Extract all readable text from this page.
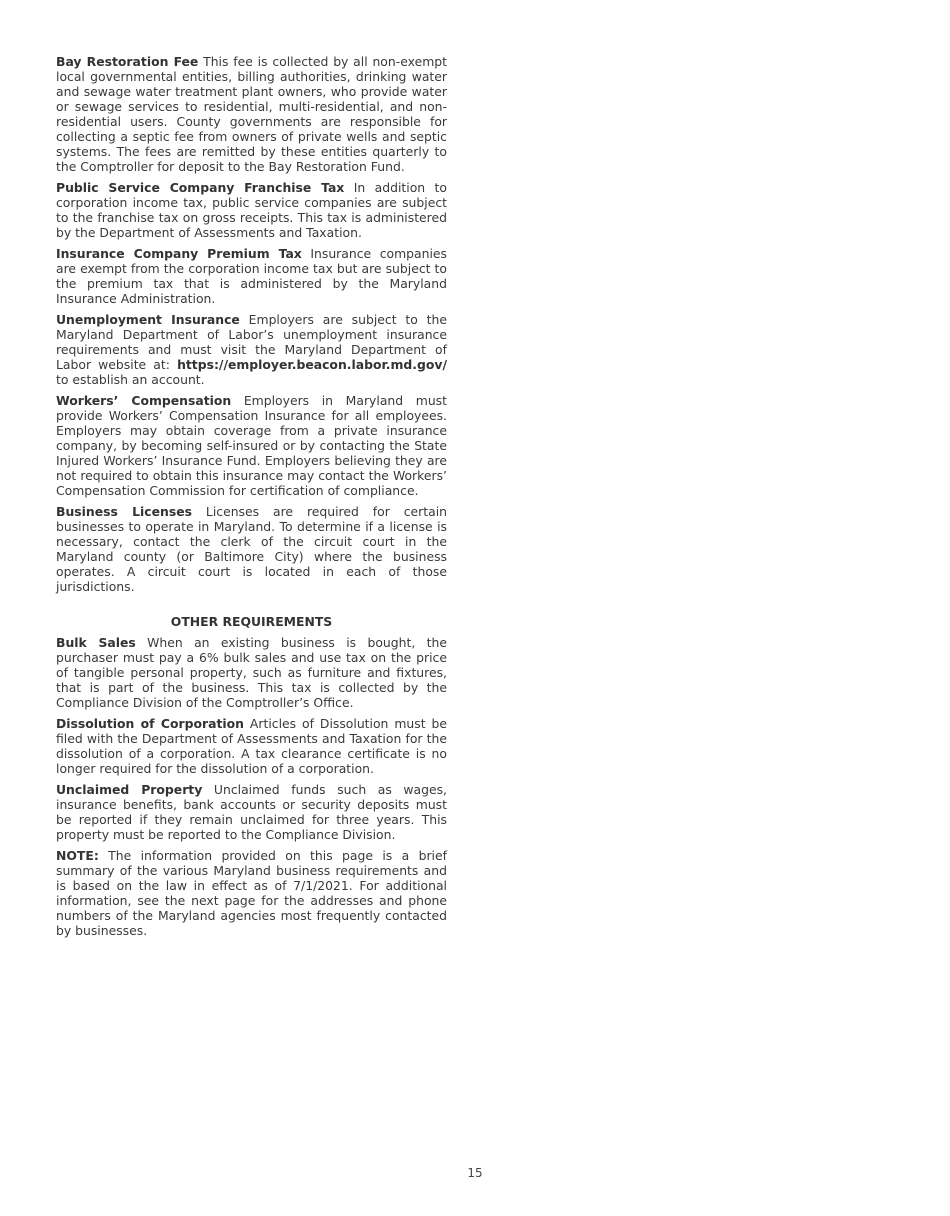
Bay Restoration Fee This fee is collected by all non-exempt local governmental entities, billing authorities, drinking water and sewage water treatment plant owners, who provide water or sewage services to residential, multi-residential, and non-residential users. County governments are responsible for collecting a septic fee from owners of private wells and septic systems. The fees are remitted by these entities quarterly to the Comptroller for deposit to the Bay Restoration Fund.

Public Service Company Franchise Tax In addition to corporation income tax, public service companies are subject to the franchise tax on gross receipts. This tax is administered by the Department of Assessments and Taxation.

Insurance Company Premium Tax Insurance companies are exempt from the corporation income tax but are subject to the premium tax that is administered by the Maryland Insurance Administration.

Unemployment Insurance Employers are subject to the Maryland Department of Labor’s unemployment insurance requirements and must visit the Maryland Department of Labor website at: https://employer.beacon.labor.md.gov/ to establish an account.

Workers’ Compensation Employers in Maryland must provide Workers’ Compensation Insurance for all employees. Employers may obtain coverage from a private insurance company, by becoming self-insured or by contacting the State Injured Workers’ Insurance Fund. Employers believing they are not required to obtain this insurance may contact the Workers’ Compensation Commission for certification of compliance.

Business Licenses Licenses are required for certain businesses to operate in Maryland. To determine if a license is necessary, contact the clerk of the circuit court in the Maryland county (or Baltimore City) where the business operates. A circuit court is located in each of those jurisdictions.

OTHER REQUIREMENTS

Bulk Sales When an existing business is bought, the purchaser must pay a 6% bulk sales and use tax on the price of tangible personal property, such as furniture and fixtures, that is part of the business. This tax is collected by the Compliance Division of the Comptroller’s Office.

Dissolution of Corporation Articles of Dissolution must be filed with the Department of Assessments and Taxation for the dissolution of a corporation. A tax clearance certificate is no longer required for the dissolution of a corporation.

Unclaimed Property Unclaimed funds such as wages, insurance benefits, bank accounts or security deposits must be reported if they remain unclaimed for three years. This property must be reported to the Compliance Division.

NOTE: The information provided on this page is a brief summary of the various Maryland business requirements and is based on the law in effect as of 7/1/2021. For additional information, see the next page for the addresses and phone numbers of the Maryland agencies most frequently contacted by businesses.

15
